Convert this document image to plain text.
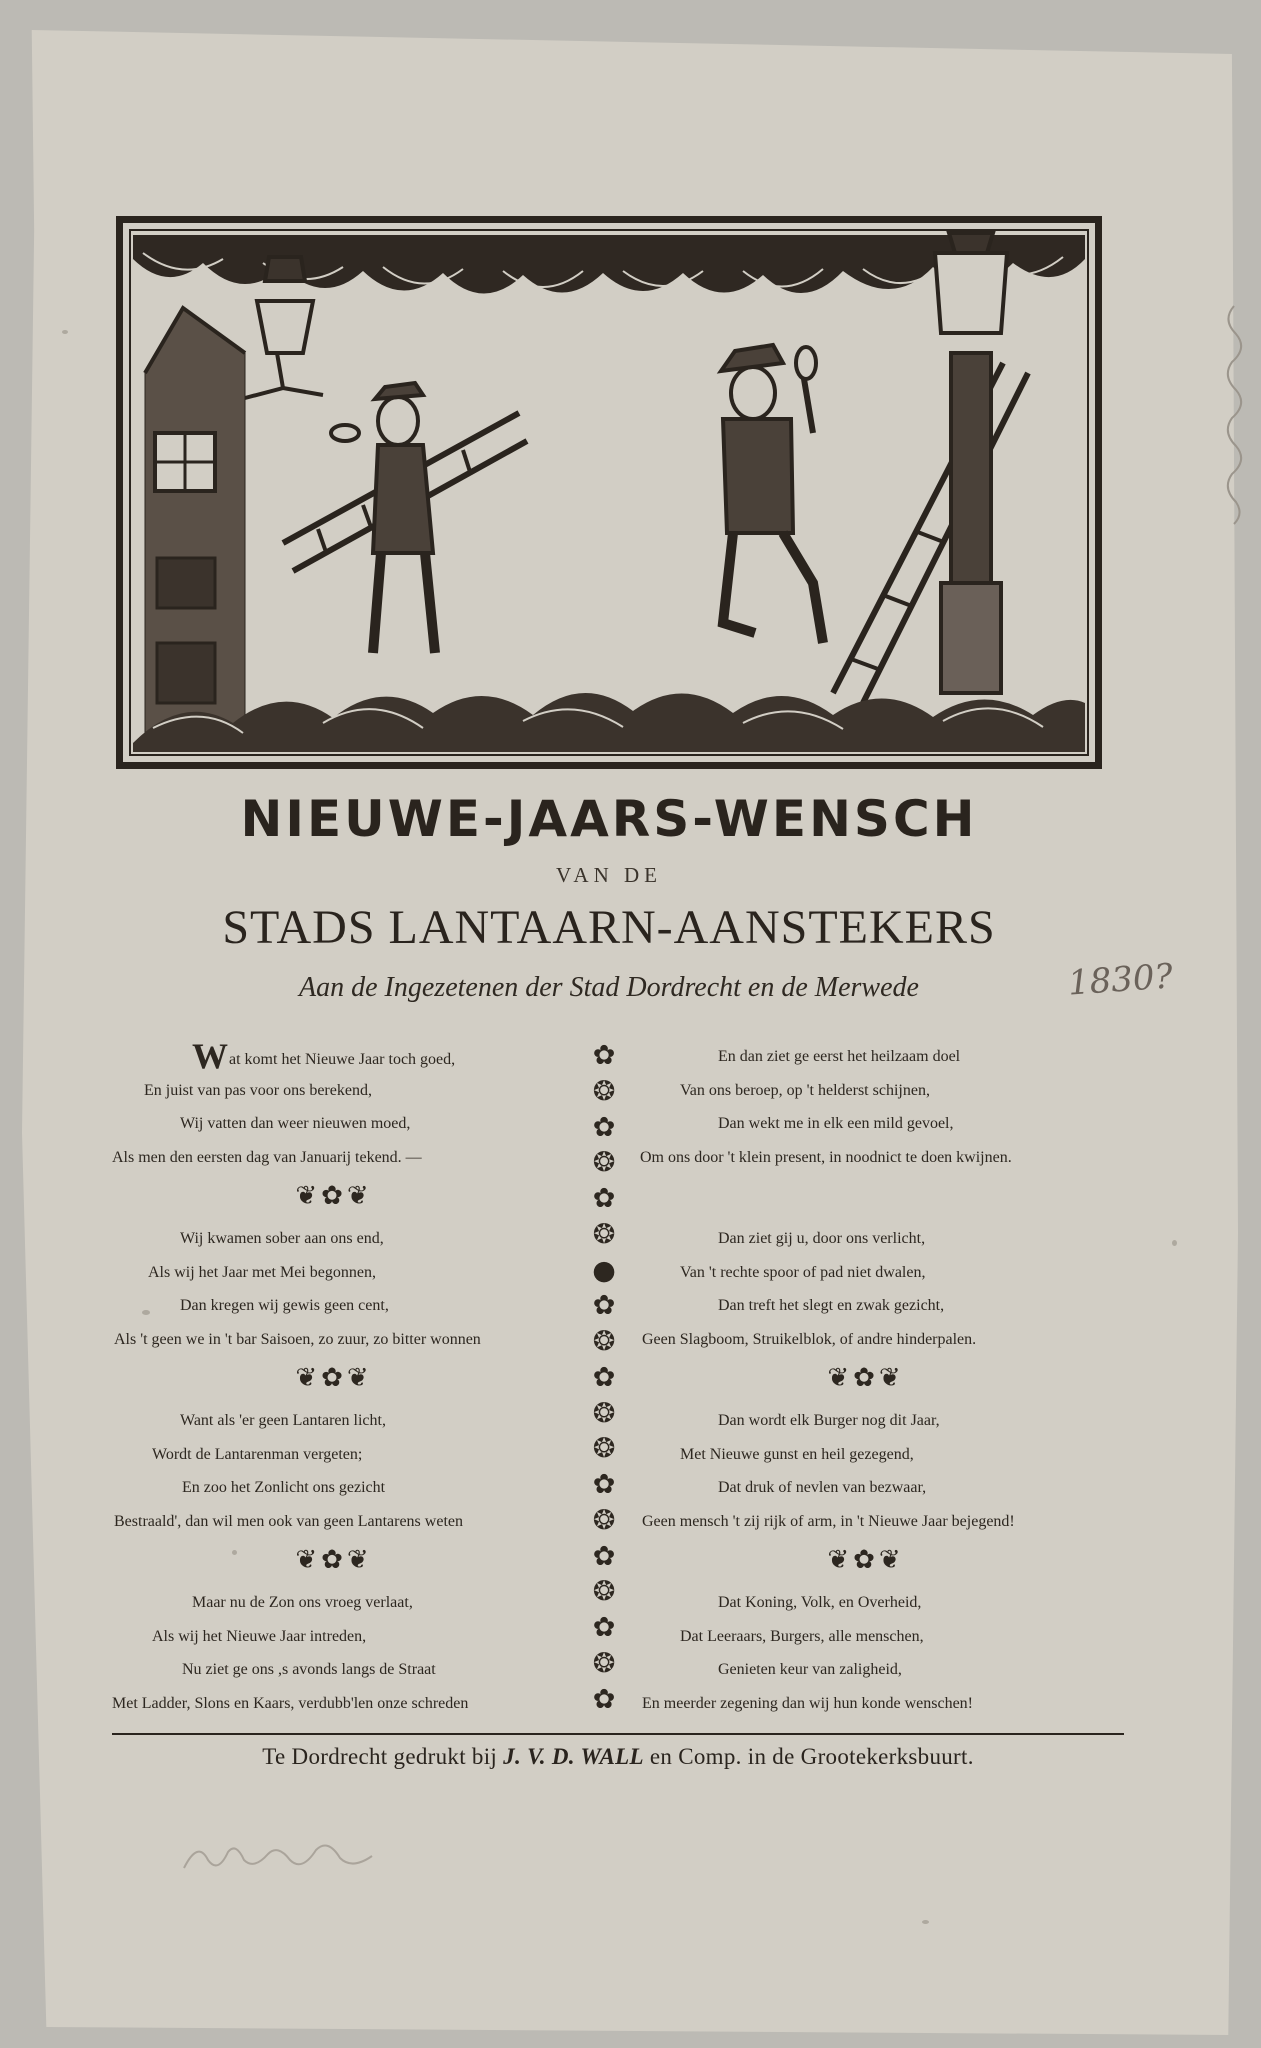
NIEUWE-JAARS-WENSCH
VAN DE
STADS LANTAARN-AANSTEKERS
Aan de Ingezetenen der Stad Dordrecht en de Merwede	1830?
Wat komt het Nieuwe Jaar toch goed,
En juist van pas voor ons berekend,
Wij vatten dan weer nieuwen moed,
Als men den eersten dag van Januarij tekend. —
❦✿❦
Wij kwamen sober aan ons end,
Als wij het Jaar met Mei begonnen,
Dan kregen wij gewis geen cent,
Als 't geen we in 't bar Saisoen, zo zuur, zo bitter wonnen
❦✿❦
Want als 'er geen Lantaren licht,
Wordt de Lantarenman vergeten;
En zoo het Zonlicht ons gezicht
Bestraald', dan wil men ook van geen Lantarens weten
❦✿❦
Maar nu de Zon ons vroeg verlaat,
Als wij het Nieuwe Jaar intreden,
Nu ziet ge ons ,s avonds langs de Straat
Met Ladder, Slons en Kaars, verdubb'len onze schreden
✿
❂
✿
❂
✿
❂
●
✿
❂
✿
❂
❂
✿
❂
✿
❂
✿
❂
✿
En dan ziet ge eerst het heilzaam doel
Van ons beroep, op 't helderst schijnen,
Dan wekt me in elk een mild gevoel,
Om ons door 't klein present, in noodnict te doen kwijnen.
Dan ziet gij u, door ons verlicht,
Van 't rechte spoor of pad niet dwalen,
Dan treft het slegt en zwak gezicht,
Geen Slagboom, Struikelblok, of andre hinderpalen.
❦✿❦
Dan wordt elk Burger nog dit Jaar,
Met Nieuwe gunst en heil gezegend,
Dat druk of nevlen van bezwaar,
Geen mensch 't zij rijk of arm, in 't Nieuwe Jaar bejegend!
❦✿❦
Dat Koning, Volk, en Overheid,
Dat Leeraars, Burgers, alle menschen,
Genieten keur van zaligheid,
En meerder zegening dan wij hun konde wenschen!
Te Dordrecht gedrukt bij J. V. D. WALL en Comp. in de Grootekerksbuurt.
